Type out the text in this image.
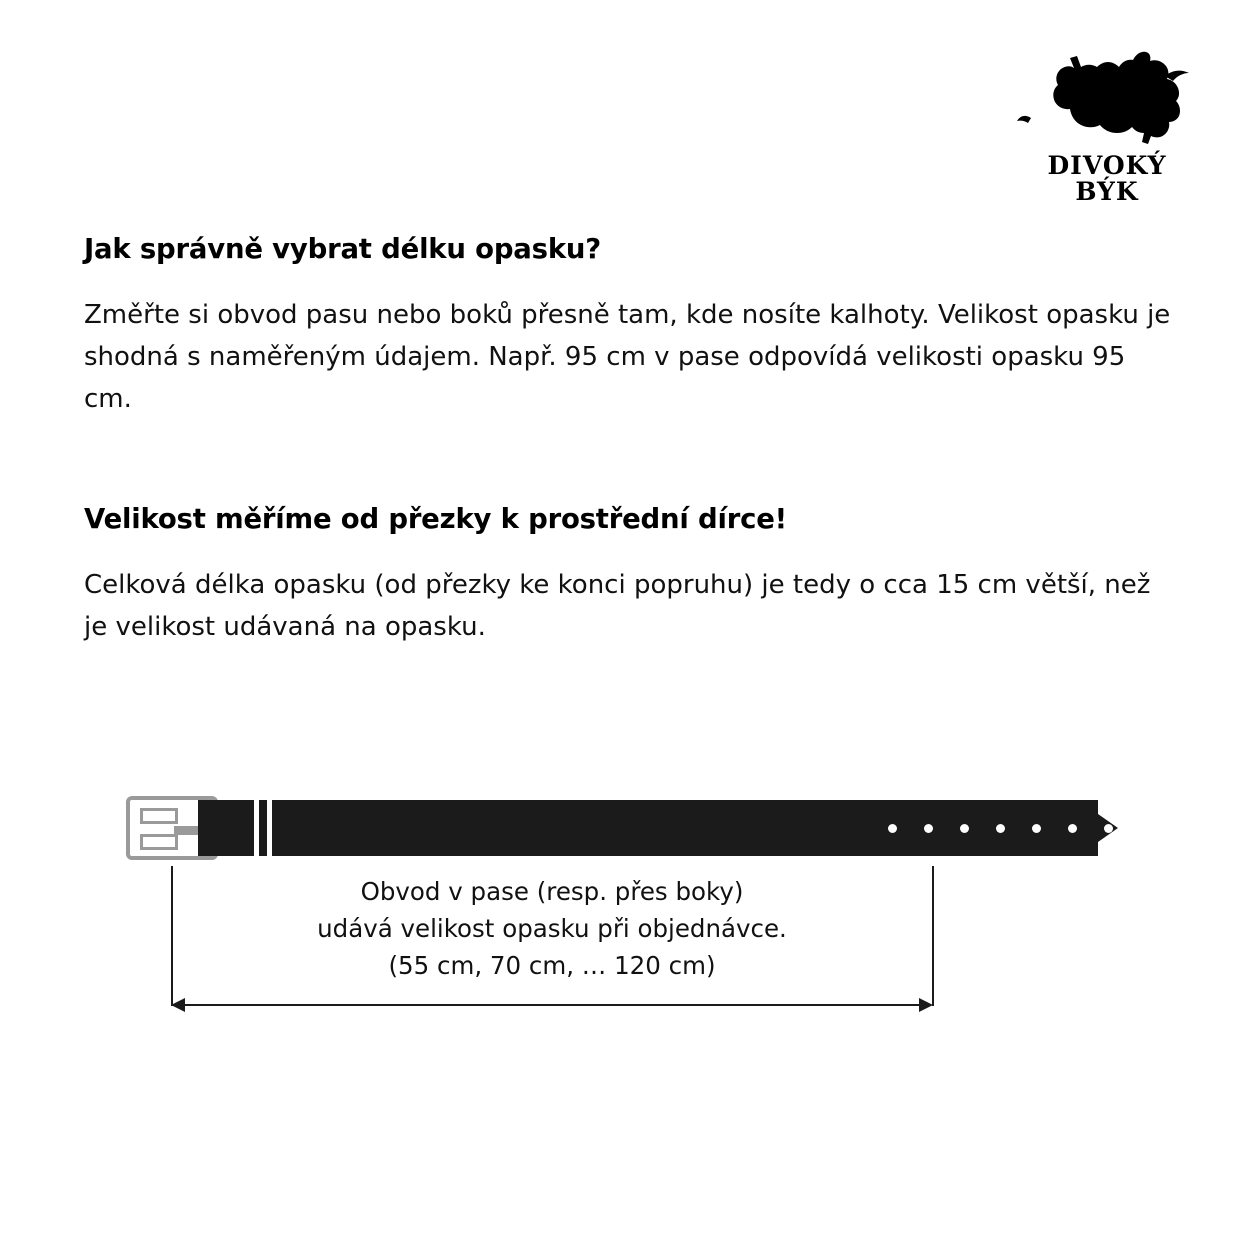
DIVOKÝ
BÝK
Jak správně vybrat délku opasku?

Změřte si obvod pasu nebo boků přesně tam, kde nosíte kalhoty. Velikost opasku je shodná s naměřeným údajem. Např. 95 cm v pase odpovídá velikosti opasku 95 cm.

Velikost měříme od přezky k prostřední dírce!

Celková délka opasku (od přezky ke konci popruhu) je tedy o cca 15 cm větší, než je velikost udávaná na opasku.

Obvod v pase (resp. přes boky)
udává velikost opasku při objednávce.
(55 cm, 70 cm, … 120 cm)
